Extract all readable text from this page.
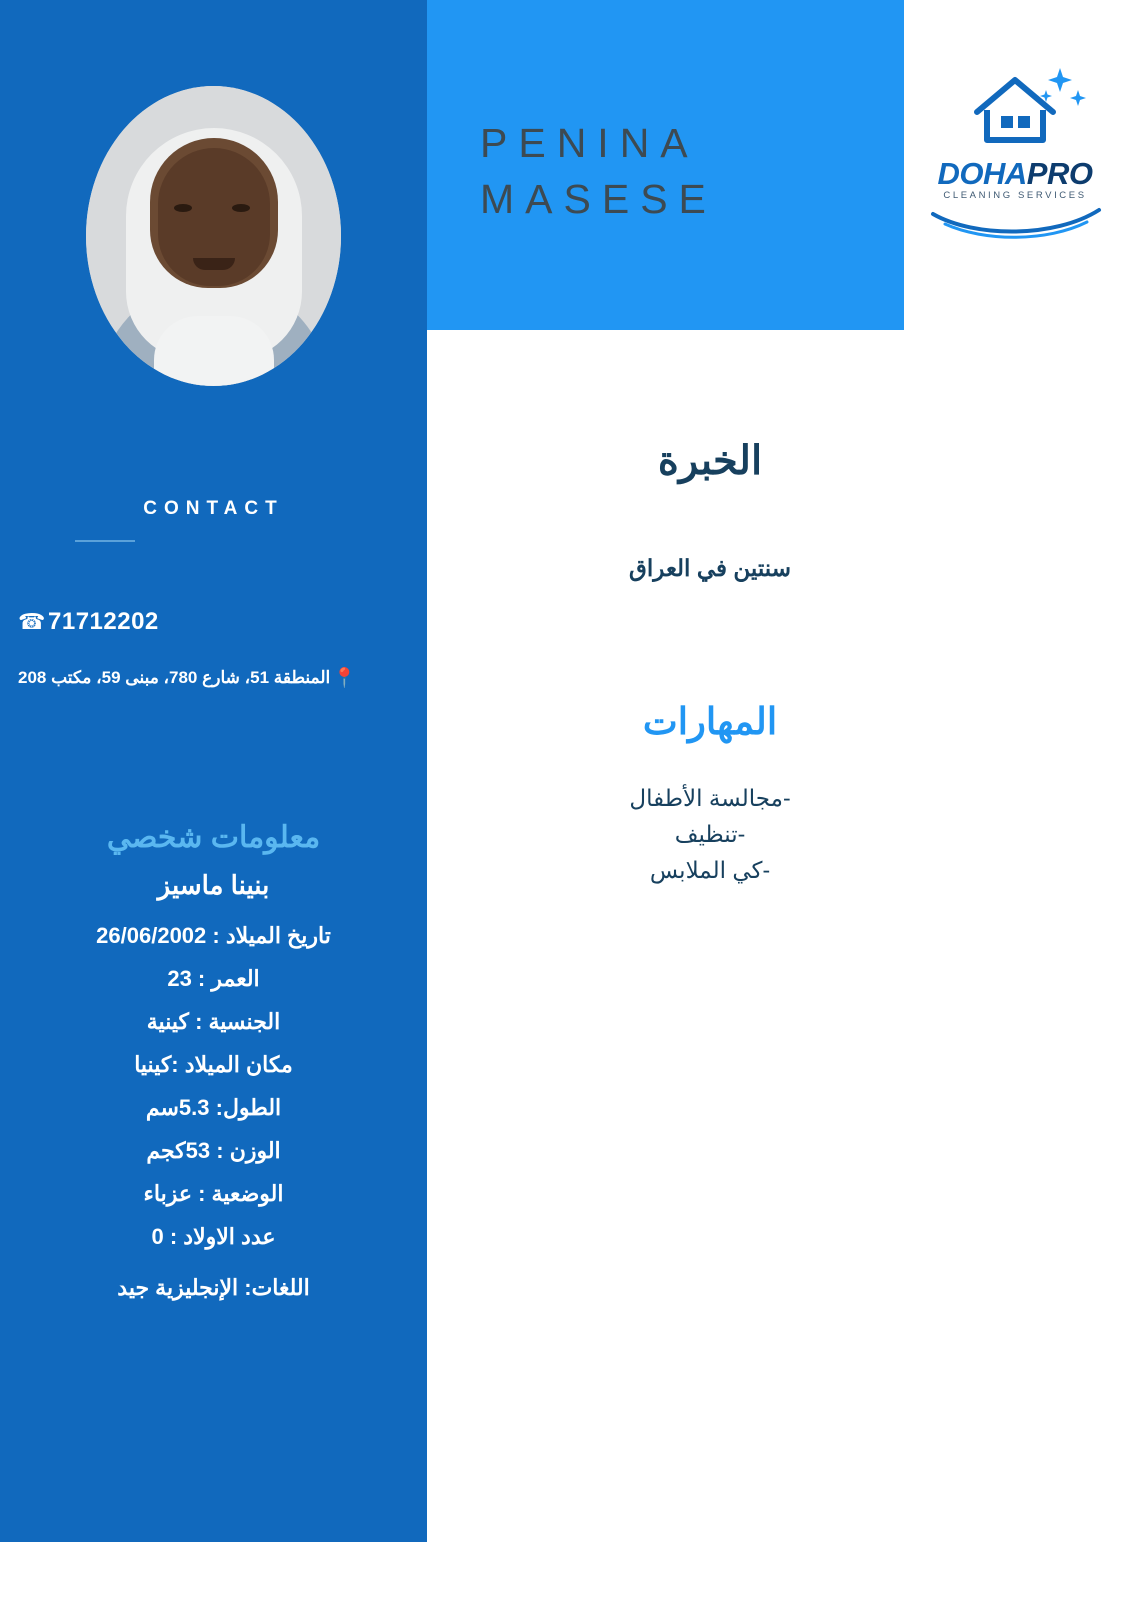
CONTACT
☎ 71712202
📍
المنطقة 51، شارع 780، مبنى 59، مكتب 208
معلومات شخصي
بنينا ماسيز
تاريخ الميلاد : 26/06/2002
العمر : 23
الجنسية : كينية
مكان الميلاد :كينيا
الطول: 5.3سم
الوزن : 53كجم
الوضعية : عزباء
عدد الاولاد : 0
اللغات: الإنجليزية جيد
PENINA
MASESE
DOHAPRO
CLEANING SERVICES
الخبرة
سنتين في العراق
المهارات
-مجالسة الأطفال
-تنظيف
-كي الملابس
